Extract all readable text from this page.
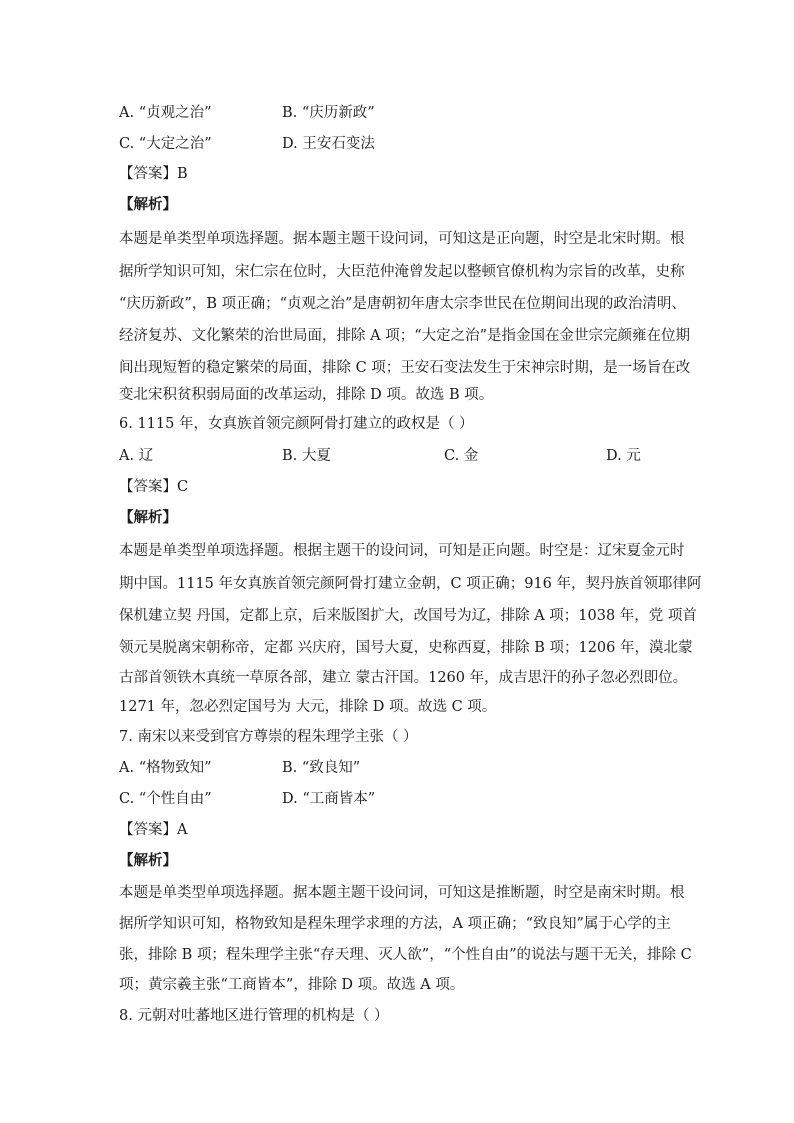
A. “贞观之治”	B. “庆历新政”
C. “大定之治”	D. 王安石变法
【答案】B
【解析】
本题是单类型单项选择题。据本题主题干设问词，可知这是正向题，时空是北宋时期。根
据所学知识可知，宋仁宗在位时，大臣范仲淹曾发起以整顿官僚机构为宗旨的改革，史称
“庆历新政”，B 项正确；“贞观之治”是唐朝初年唐太宗李世民在位期间出现的政治清明、
经济复苏、文化繁荣的治世局面，排除 A 项；“大定之治”是指金国在金世宗完颜雍在位期
间出现短暂的稳定繁荣的局面，排除 C 项；王安石变法发生于宋神宗时期，是一场旨在改
变北宋积贫积弱局面的改革运动，排除 D 项。故选 B 项。
6. 1115 年，女真族首领完颜阿骨打建立的政权是（ ）
A. 辽	B. 大夏	C. 金	D. 元
【答案】C
【解析】
本题是单类型单项选择题。根据主题干的设问词，可知是正向题。时空是：辽宋夏金元时
期中国。1115 年女真族首领完颜阿骨打建立金朝，C 项正确；916 年，契丹族首领耶律阿
保机建立契 丹国，定都上京，后来版图扩大，改国号为辽，排除 A 项；1038 年，党 项首
领元昊脱离宋朝称帝，定都 兴庆府，国号大夏，史称西夏，排除 B 项；1206 年，漠北蒙
古部首领铁木真统一草原各部，建立 蒙古汗国。1260 年，成吉思汗的孙子忽必烈即位。
1271 年，忽必烈定国号为 大元，排除 D 项。故选 C 项。
7. 南宋以来受到官方尊崇的程朱理学主张（ ）
A. “格物致知”	B. “致良知”
C. “个性自由”	D. “工商皆本”
【答案】A
【解析】
本题是单类型单项选择题。据本题主题干设问词，可知这是推断题，时空是南宋时期。根
据所学知识可知，格物致知是程朱理学求理的方法，A 项正确；“致良知”属于心学的主
张，排除 B 项；程朱理学主张“存天理、灭人欲”，“个性自由”的说法与题干无关，排除 C
项；黄宗羲主张“工商皆本”，排除 D 项。故选 A 项。
8. 元朝对吐蕃地区进行管理的机构是（ ）
